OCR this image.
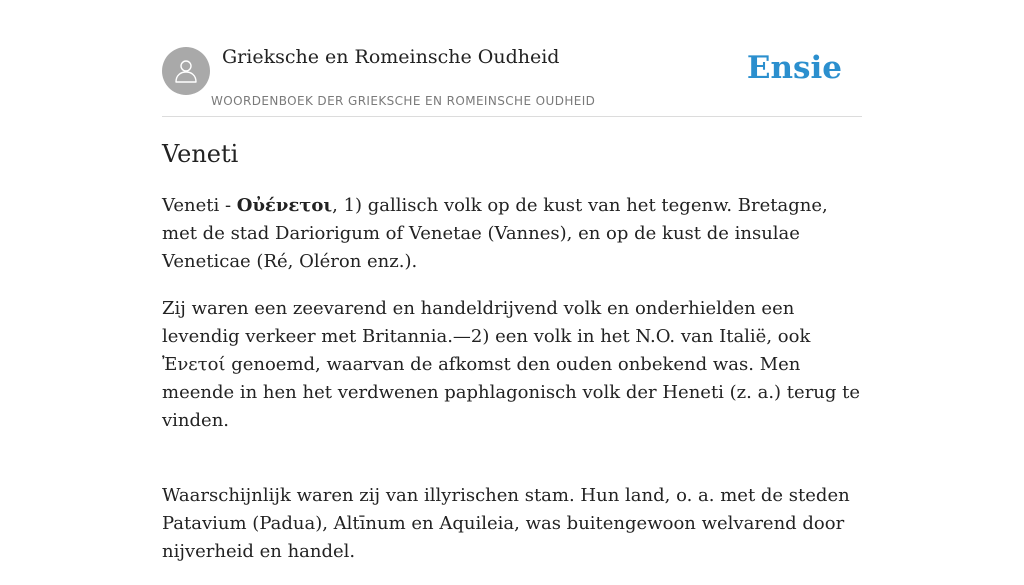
Grieksche en Romeinsche Oudheid
WOORDENBOEK DER GRIEKSCHE EN ROMEINSCHE OUDHEID
Ensie
Veneti

Veneti - Οὐένετοι, 1) gallisch volk op de kust van het tegenw. Bretagne, met de stad Dariorigum of Venetae (Vannes), en op de kust de insulae Veneticae (Ré, Oléron enz.).

Zij waren een zeevarend en handeldrijvend volk en onderhielden een levendig verkeer met Britannia.—2) een volk in het N.O. van Italië, ook Ἐνετοί genoemd, waarvan de afkomst den ouden onbekend was. Men meende in hen het verdwenen paphlagonisch volk der Heneti (z. a.) terug te vinden.

Waarschijnlijk waren zij van illyrischen stam. Hun land, o. a. met de steden Patavium (Padua), Altīnum en Aquileia, was buitengewoon welvarend door nijverheid en handel.
